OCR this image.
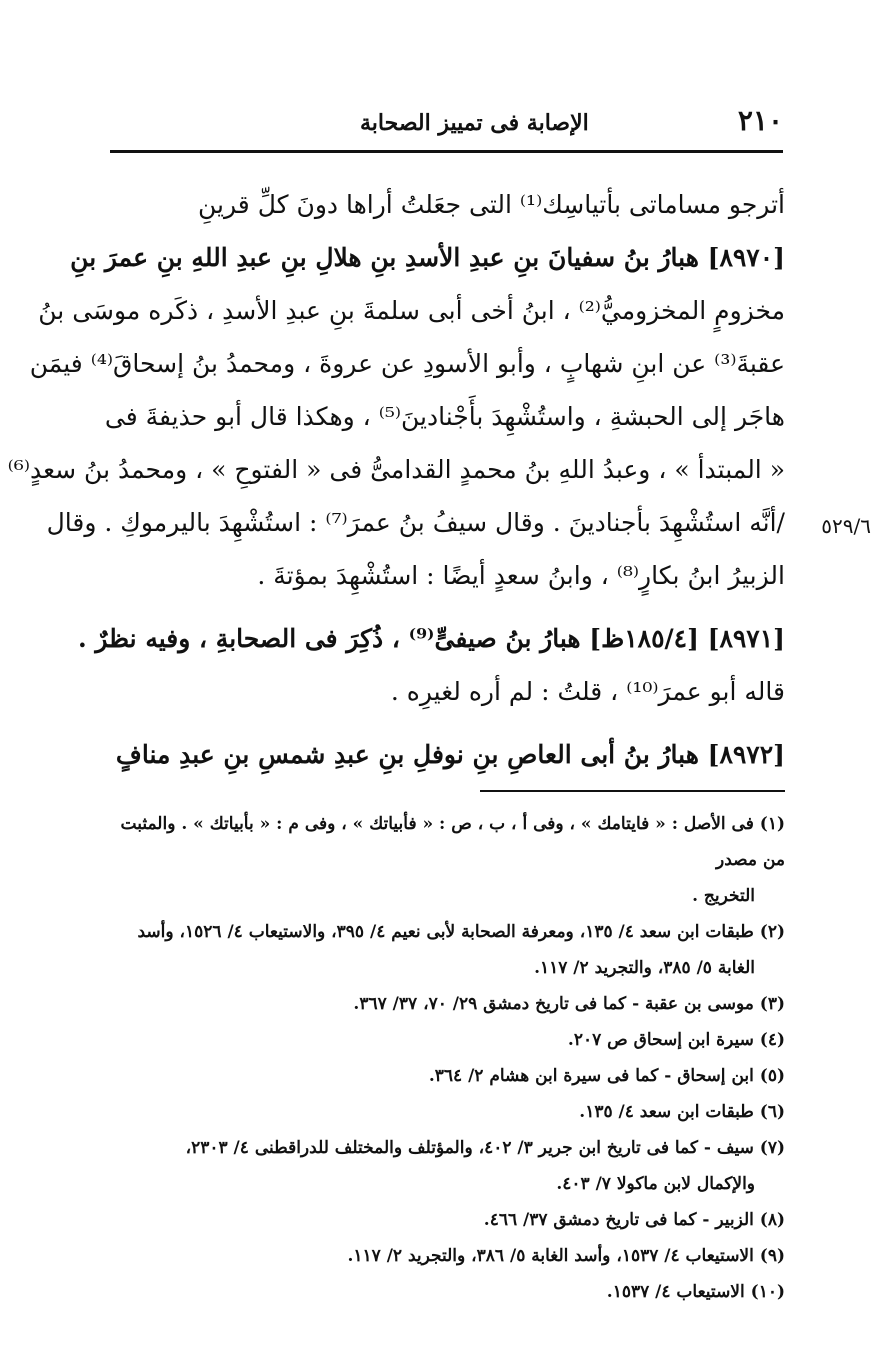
٢١٠
الإصابة فى تمييز الصحابة
٥٢٩/٦
أترجو مساماتى بأتياسِك⁽¹⁾ التى جعَلتُ أراها دونَ كلِّ قرينِ
[٨٩٧٠] هبارُ بنُ سفيانَ بنِ عبدِ الأسدِ بنِ هلالِ بنِ عبدِ اللهِ بنِ عمرَ بنِ
مخزومٍ المخزوميُّ⁽²⁾ ، ابنُ أخى أبى سلمةَ بنِ عبدِ الأسدِ ، ذكَره موسَى بنُ
عقبةَ⁽³⁾ عن ابنِ شهابٍ ، وأبو الأسودِ عن عروةَ ، ومحمدُ بنُ إسحاقَ⁽⁴⁾ فيمَن
هاجَر إلى الحبشةِ ، واستُشْهِدَ بأَجْنادينَ⁽⁵⁾ ، وهكذا قال أبو حذيفةَ فى
« المبتدأ » ، وعبدُ اللهِ بنُ محمدٍ القدامىُّ فى « الفتوحِ » ، ومحمدُ بنُ سعدٍ⁽⁶⁾
/أنَّه استُشْهِدَ بأجنادينَ . وقال سيفُ بنُ عمرَ⁽⁷⁾ : استُشْهِدَ باليرموكِ . وقال
الزبيرُ ابنُ بكارٍ⁽⁸⁾ ، وابنُ سعدٍ أيضًا : استُشْهِدَ بمؤتةَ .
[٨٩٧١] [١٨٥/٤ظ] هبارُ بنُ صيفىٍّ⁽⁹⁾ ، ذُكِرَ فى الصحابةِ ، وفيه نظرٌ .
قاله أبو عمرَ⁽¹⁰⁾ ، قلتُ : لم أره لغيرِه .
[٨٩٧٢] هبارُ بنُ أبى العاصِ بنِ نوفلِ بنِ عبدِ شمسِ بنِ عبدِ منافٍ
(١) فى الأصل : « فايتامك » ، وفى أ ، ب ، ص : « فأبياتك » ، وفى م : « بأبياتك » . والمثبت من مصدر
التخريج .
(٢) طبقات ابن سعد ٤/ ١٣٥، ومعرفة الصحابة لأبى نعيم ٤/ ٣٩٥، والاستيعاب ٤/ ١٥٢٦، وأسد
الغابة ٥/ ٣٨٥، والتجريد ٢/ ١١٧.
(٣) موسى بن عقبة - كما فى تاريخ دمشق ٢٩/ ٧٠، ٣٧/ ٣٦٧.
(٤) سيرة ابن إسحاق ص ٢٠٧.
(٥) ابن إسحاق - كما فى سيرة ابن هشام ٢/ ٣٦٤.
(٦) طبقات ابن سعد ٤/ ١٣٥.
(٧) سيف - كما فى تاريخ ابن جرير ٣/ ٤٠٢، والمؤتلف والمختلف للدراقطنى ٤/ ٢٣٠٣،
والإكمال لابن ماكولا ٧/ ٤٠٣.
(٨) الزبير - كما فى تاريخ دمشق ٣٧/ ٤٦٦.
(٩) الاستيعاب ٤/ ١٥٣٧، وأسد الغابة ٥/ ٣٨٦، والتجريد ٢/ ١١٧.
(١٠) الاستيعاب ٤/ ١٥٣٧.
